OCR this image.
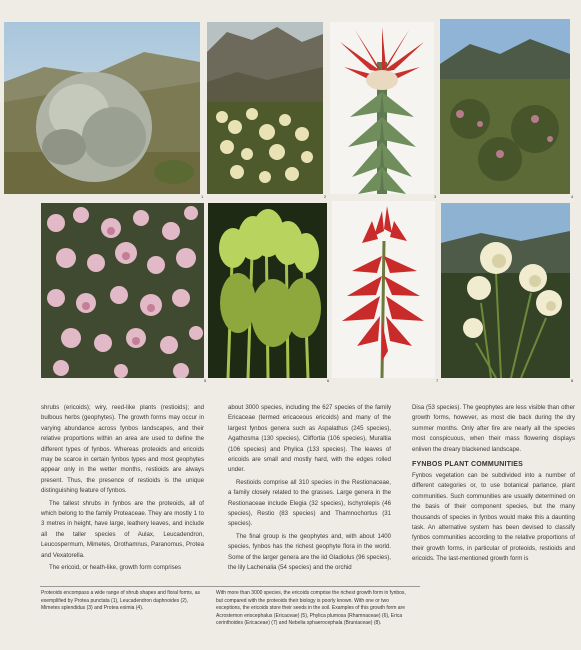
1	2	3	4
5	6	7	8

shrubs (ericoids); wiry, reed-like plants (restioids); and bulbous herbs (geophytes). The growth forms may occur in varying abundance across fynbos landscapes, and their relative proportions within an area are used to define the different types of fynbos. Whereas proteoids and ericoids may be scarce in certain fynbos types and most geophytes appear only in the wetter months, restioids are always present. Thus, the presence of restioids is the unique distinguishing feature of fynbos.

The tallest shrubs in fynbos are the proteoids, all of which belong to the family Proteaceae. They are mostly 1 to 3 metres in height, have large, leathery leaves, and include all the taller species of Aulax, Leucadendron, Leucospermum, Mimetes, Orothamnus, Paranomus, Protea and Vexatorella.

The ericoid, or heath-like, growth form comprises

about 3000 species, including the 627 species of the family Ericaceae (termed ericaceous ericoids) and many of the largest fynbos genera such as Aspalathus (245 species), Agathosma (130 species), Cliffortia (106 species), Muraltia (106 species) and Phylica (133 species). The leaves of ericoids are small and mostly hard, with the edges rolled under.

Restioids comprise all 310 species in the Restionaceae, a family closely related to the grasses. Large genera in the Restionaceae include Elegia (32 species), Ischyrolepis (46 species), Restio (83 species) and Thamnochortus (31 species).

The final group is the geophytes and, with about 1400 species, fynbos has the richest geophyte flora in the world. Some of the larger genera are the iid Gladiolus (96 species), the lily Lachenalia (54 species) and the orchid

Disa (53 species). The geophytes are less visible than other growth forms, however, as most die back during the dry summer months. Only after fire are nearly all the species most conspicuous, when their mass flowering displays enliven the dreary blackened landscape.

FYNBOS PLANT COMMUNITIES

Fynbos vegetation can be subdivided into a number of different categories or, to use botanical parlance, plant communities. Such communities are usually determined on the basis of their component species, but the many thousands of species in fynbos would make this a daunting task. An alternative system has been devised to classify fynbos communities according to the relative proportions of their growth forms, in particular of proteoids, restioids and ericoids. The last-mentioned growth form is

Proteoids encompass a wide range of shrub shapes and floral forms, as exemplified by Protea punctata (1), Leucadendron daphnoides (2), Mimetes splendidus (3) and Protea eximia (4).

With more than 3000 species, the ericoids comprise the richest growth form in fynbos, but compared with the proteoids their biology is poorly known. With one or two exceptions, the ericoids store their seeds in the soil. Examples of this growth form are Acrostemon eriocephalus (Ericaceae) (5), Phylica plumosa (Rhamnaceae) (6), Erica cerinthoides (Ericaceae) (7) and Nebelia sphaerocephala (Bruniaceae) (8).
